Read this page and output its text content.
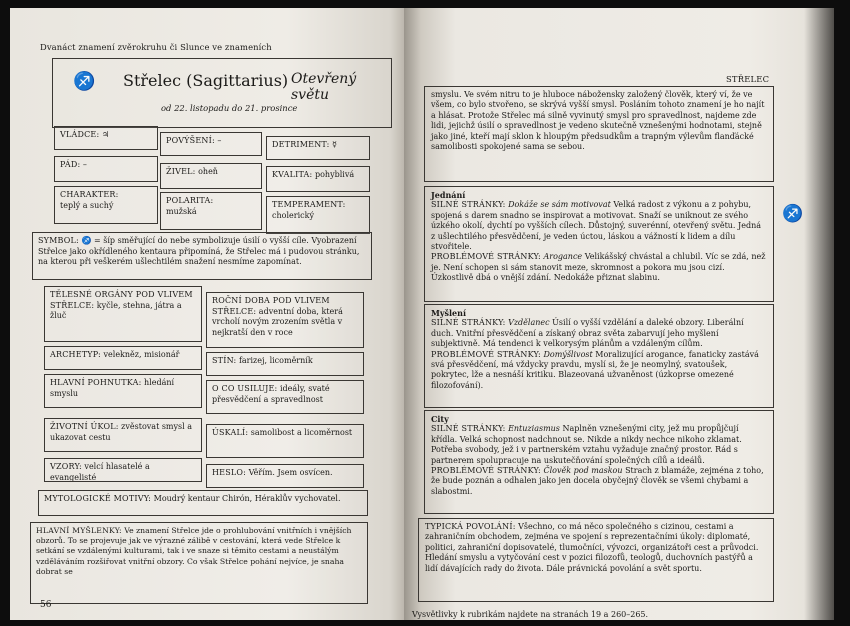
Dvanáct znamení zvěrokruhu či Slunce ve znameních
♐ Střelec (Sagittarius) Otevřený světu
od 22. listopadu do 21. prosince
VLÁDCE: ♃
POVÝŠENÍ: –	DETRIMENT: ☿
PÁD: –
ŽIVEL: oheň	KVALITA: pohyblivá
CHARAKTER:
teplý a suchý
POLARITA:
mužská
TEMPERAMENT:
cholerický
SYMBOL: ♐ = šíp směřující do nebe symbolizuje úsilí o vyšší cíle. Vyobrazení Střelce jako okřídleného kentaura připomíná, že Střelec má i pudovou stránku, na kterou při veškerém ušlechtilém snažení nesmíme zapomínat.
TĚLESNÉ ORGÁNY POD VLIVEM STŘELCE: kyčle, stehna, játra a žluč
ROČNÍ DOBA POD VLIVEM STŘELCE: adventní doba, která vrcholí novým zrozením světla v nejkratší den v roce
ARCHETYP: velekněz, misionář
STÍN: farizej, licoměrník
HLAVNÍ POHNUTKA: hledání smyslu
O CO USILUJE: ideály, svaté přesvědčení a spravedlnost
ŽIVOTNÍ ÚKOL: zvěstovat smysl a ukazovat cestu
ÚSKALÍ: samolibost a licoměrnost
VZORY: velcí hlasatelé a evangelisté
HESLO: Věřím. Jsem osvícen.
MYTOLOGICKÉ MOTIVY: Moudrý kentaur Chirón, Héraklův vychovatel.
HLAVNÍ MYŠLENKY: Ve znamení Střelce jde o prohlubování vnitřních i vnějších obzorů. To se projevuje jak ve výrazné zálibě v cestování, která vede Střelce k setkání se vzdálenými kulturami, tak i ve snaze si těmito cestami a neustálým vzděláváním rozšiřovat vnitřní obzory. Co však Střelce pohání nejvíce, je snaha dobrat se
56
STŘELEC
smyslu. Ve svém nitru to je hluboce nábožensky založený člověk, který ví, že ve všem, co bylo stvořeno, se skrývá vyšší smysl. Posláním tohoto znamení je ho najít a hlásat. Protože Střelec má silně vyvinutý smysl pro spravedlnost, najdeme zde lidi, jejichž úsilí o spravedlnost je vedeno skutečně vznešenými hodnotami, stejně jako jiné, kteří mají sklon k hloupým předsudkům a trapným výlevům flanďácké samolibosti spokojené sama se sebou.
Jednání
SILNÉ STRÁNKY: Dokáže se sám motivovat Velká radost z výkonu a z pohybu, spojená s darem snadno se inspirovat a motivovat. Snaží se uniknout ze svého úzkého okolí, dychtí po vyšších cílech. Důstojný, suverénní, otevřený světu. Jedná z ušlechtilého přesvědčení, je veden úctou, láskou a vážností k lidem a dílu stvořitele.
PROBLÉMOVÉ STRÁNKY: Arogance Velikášský chvástal a chlubil. Víc se zdá, než je. Není schopen si sám stanovit meze, skromnost a pokora mu jsou cizí. Úzkostlivě dbá o vnější zdání. Nedokáže přiznat slabinu.
Myšlení
SILNÉ STRÁNKY: Vzdělanec Úsilí o vyšší vzdělání a daleké obzory. Liberální duch. Vnitřní přesvědčení a získaný obraz světa zabarvují jeho myšlení subjektivně. Má tendenci k velkorysým plánům a vzdáleným cílům.
PROBLÉMOVÉ STRÁNKY: Domýšlivost Moralizující arogance, fanaticky zastává svá přesvědčení, má vždycky pravdu, myslí si, že je neomylný, svatoušek, pokrytec, lže a nesnáší kritiku. Blazeovaná užvaněnost (úzkoprse omezené filozofování).
City
SILNÉ STRÁNKY: Entuziasmus Naplněn vznešenými city, jež mu propůjčují křídla. Velká schopnost nadchnout se. Nikde a nikdy nechce nikoho zklamat. Potřeba svobody, jež i v partnerském vztahu vyžaduje značný prostor. Rád s partnerem spolupracuje na uskutečňování společných cílů a ideálů.
PROBLÉMOVÉ STRÁNKY: Člověk pod maskou Strach z blamáže, zejména z toho, že bude poznán a odhalen jako jen docela obyčejný člověk se všemi chybami a slabostmi.
TYPICKÁ POVOLÁNÍ: Všechno, co má něco společného s cizinou, cestami a zahraničním obchodem, zejména ve spojení s reprezentačními úkoly: diplomaté, politici, zahraniční dopisovatelé, tlumočníci, vývozci, organizátoři cest a průvodci. Hledání smyslu a vytyčování cest v pozici filozofů, teologů, duchovních pastýřů a lidí dávajících rady do života. Dále právnická povolání a svět sportu.
♐
Vysvětlivky k rubrikám najdete na stranách 19 a 260–265.
